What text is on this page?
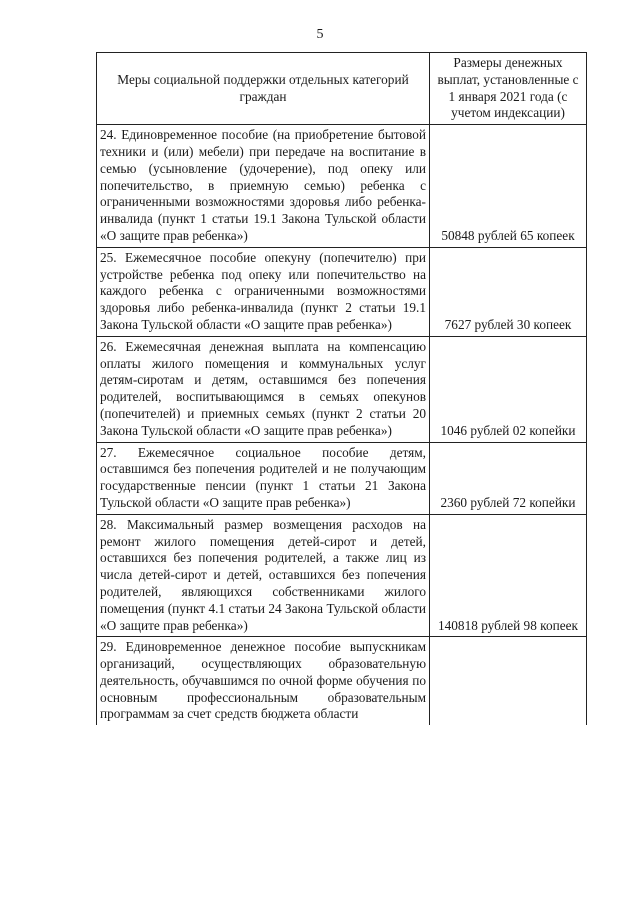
5
Меры социальной поддержки отдельных категорий граждан	Размеры денежных выплат, установленные с 1 января 2021 года (с учетом индексации)
24. Единовременное пособие (на приобретение бытовой техники и (или) мебели) при передаче на воспитание в семью (усыновление (удочерение), под опеку или попечительство, в приемную семью) ребенка с ограниченными возможностями здоровья либо ребенка-инвалида (пункт 1 статьи 19.1 Закона Тульской области «О защите прав ребенка»)	50848 рублей 65 копеек
25. Ежемесячное пособие опекуну (попечителю) при устройстве ребенка под опеку или попечительство на каждого ребенка с ограниченными возможностями здоровья либо ребенка-инвалида (пункт 2 статьи 19.1 Закона Тульской области «О защите прав ребенка»)	7627 рублей 30 копеек
26. Ежемесячная денежная выплата на компенсацию оплаты жилого помещения и коммунальных услуг детям-сиротам и детям, оставшимся без попечения родителей, воспитывающимся в семьях опекунов (попечителей) и приемных семьях (пункт 2 статьи 20 Закона Тульской области «О защите прав ребенка»)	1046 рублей 02 копейки
27. Ежемесячное социальное пособие детям, оставшимся без попечения родителей и не получающим государственные пенсии (пункт 1 статьи 21 Закона Тульской области «О защите прав ребенка»)	2360 рублей 72 копейки
28. Максимальный размер возмещения расходов на ремонт жилого помещения детей-сирот и детей, оставшихся без попечения родителей, а также лиц из числа детей-сирот и детей, оставшихся без попечения родителей, являющихся собственниками жилого помещения (пункт 4.1 статьи 24 Закона Тульской области «О защите прав ребенка»)	140818 рублей 98 копеек
29. Единовременное денежное пособие выпускникам организаций, осуществляющих образовательную деятельность, обучавшимся по очной форме обучения по основным профессиональным образовательным программам за счет средств бюджета области	
